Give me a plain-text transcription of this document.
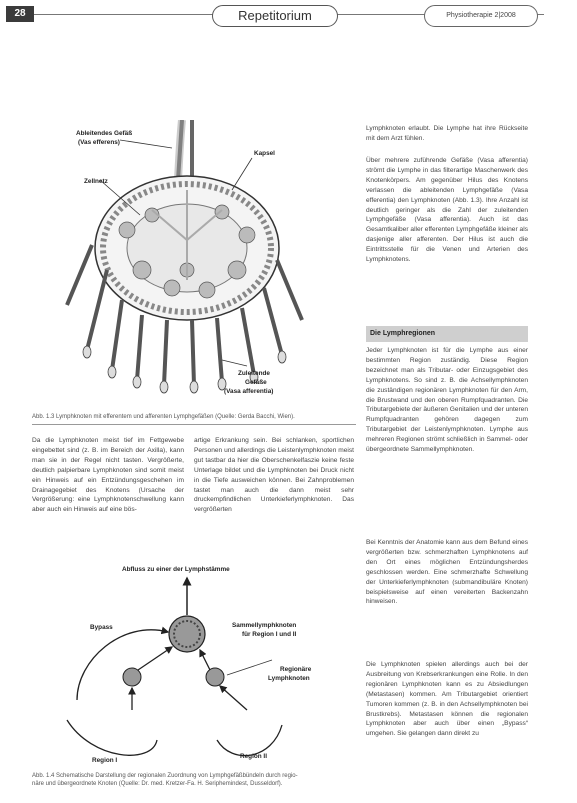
28	Repetitorium	Physiotherapie 2|2008
Ableitendes Gefäß
(Vas efferens)
Kapsel
Zellnetz
Zuleitende
Gefäße
(Vasa afferentia)
Abb. 1.3 Lymphknoten mit efferentem und afferenten Lymphgefäßen (Quelle: Gerda Bacchi, Wien).
Da die Lymphknoten meist tief im Fettgewebe eingebettet sind (z. B. im Bereich der Axilla), kann man sie in der Regel nicht tasten. Vergrößerte, deutlich palpierbare Lymphknoten sind somit meist ein Hinweis auf ein Entzündungsgeschehen im Drainagegebiet des Knotens (Ursache der Vergrößerung: eine Lymphknotenschwellung kann aber auch ein Hinweis auf eine bös-
artige Erkrankung sein. Bei schlanken, sportlichen Personen und allerdings die Leistenlymphknoten meist gut tastbar da hier die Oberschenkelfaszie keine feste Unterlage bildet und die Lymphknoten bei Druck nicht in die Tiefe ausweichen können. Bei Zahnproblemen tastet man auch die dann meist sehr druckempfindlichen Unterkieferlymphknoten. Das vergrößerten
Abfluss zu einer der Lymphstämme
Bypass	Sammellymphknoten
für Region I und II
Regionäre
Lymphknoten
Region I
Region II
Abb. 1.4 Schematische Darstellung der regionalen Zuordnung von Lymphgefäßbündeln durch regio-
näre und übergeordnete Knoten (Quelle: Dr. med. Kretzer-Fa. H. Seriphemindest, Dusseldorf).
Lymphknoten erlaubt. Die Lymphe hat ihre Rückseite mit dem Arzt fühlen.
Über mehrere zuführende Gefäße (Vasa afferentia) strömt die Lymphe in das filterartige Maschenwerk des Knotenkörpers. Am gegenüber Hilus des Knotens verlassen die ableitenden Lymphgefäße (Vasa efferentia) den Lymphknoten (Abb. 1.3). Ihre Anzahl ist deutlich geringer als die Zahl der zuleitenden Lymphgefäße (Vasa afferentia). Auch ist das Gesamtkaliber aller efferenten Lymphgefäße kleiner als dasjenige aller afferenten. Der Hilus ist auch die Eintrittsstelle für die Venen und Arterien des Lymphknotens.
Die Lymphregionen
Jeder Lymphknoten ist für die Lymphe aus einer bestimmten Region zuständig. Diese Region bezeichnet man als Tributar- oder Einzugsgebiet des Lymphknotens. So sind z. B. die Achsellymphknoten die zuständigen regionären Lymphknoten für den Arm, die Brustwand und den oberen Rumpfquadranten. Die Tributargebiete der äußeren Genitalien und der unteren Rumpfquadranten gehören dagegen zum Tributargebiet der Leistenlymphknoten. Lymphe aus mehreren Regionen strömt schließlich in Sammel- oder übergeordnete Sammellymphknoten.
Bei Kenntnis der Anatomie kann aus dem Befund eines vergrößerten bzw. schmerzhaften Lymphknotens auf den Ort eines möglichen Entzündungsherdes geschlossen werden. Eine schmerzhafte Schwellung der Unterkieferlymphknoten (submandibuläre Knoten) beispielsweise auf einen vereiterten Backenzahn hinweisen.
Die Lymphknoten spielen allerdings auch bei der Ausbreitung von Krebserkrankungen eine Rolle. In den regionären Lymphknoten kann es zu Absiedlungen (Metastasen) kommen. Am Tributargebiet orientiert Tumoren kommen (z. B. in den Achsellymphknoten bei Brustkrebs). Metastasen können die regionalen Lymphknoten aber auch über einen „Bypass“ umgehen. Sie gelangen dann direkt zu
